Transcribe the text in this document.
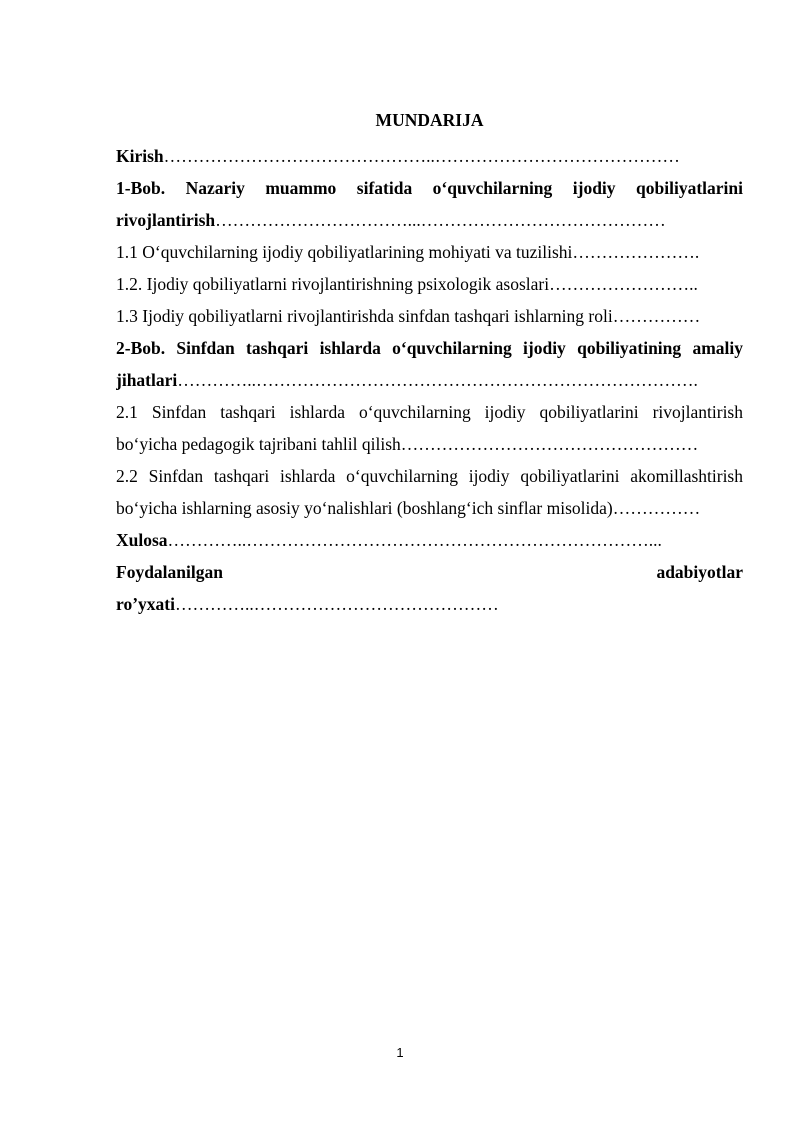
MUNDARIJA
Kirish………………………………………..……………………………………
1-Bob. Nazariy muammo sifatida o‘quvchilarning ijodiy qobiliyatlarini
rivojlantirish……………………………...……………………………………
1.1 O‘quvchilarning ijodiy qobiliyatlarining mohiyati va tuzilishi………………….
1.2. Ijodiy qobiliyatlarni rivojlantirishning psixologik asoslari……………………..
1.3 Ijodiy qobiliyatlarni rivojlantirishda sinfdan tashqari ishlarning roli……………
2-Bob. Sinfdan tashqari ishlarda o‘quvchilarning ijodiy qobiliyatining amaliy
jihatlari…………..………………………………………………………………….
2.1 Sinfdan tashqari ishlarda o‘quvchilarning ijodiy qobiliyatlarini rivojlantirish
bo‘yicha pedagogik tajribani tahlil qilish……………………………………………
2.2 Sinfdan tashqari ishlarda o‘quvchilarning ijodiy qobiliyatlarini akomillashtirish
bo‘yicha ishlarning asosiy yo‘nalishlari (boshlang‘ich sinflar misolida)……………
Xulosa…………..……………………………………………………………...
Foydalanilgan	adabiyotlar
ro’yxati…………..……………………………………
1
